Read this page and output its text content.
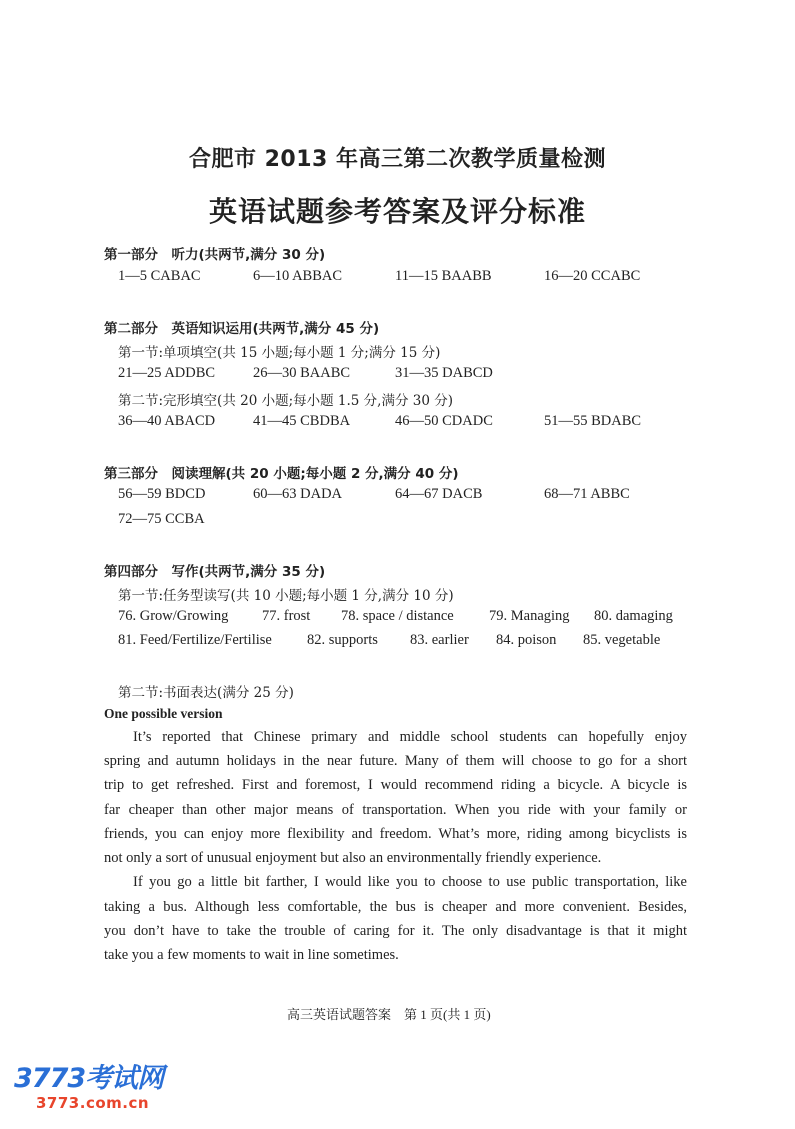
合肥市 2013 年高三第二次教学质量检测
英语试题参考答案及评分标准
第一部分　听力(共两节,满分 30 分)
1—5 CABAC	6—10 ABBAC	11—15 BAABB	16—20 CCABC
第二部分　英语知识运用(共两节,满分 45 分)
第一节:单项填空(共 15 小题;每小题 1 分;满分 15 分)
21—25 ADDBC	26—30 BAABC	31—35 DABCD
第二节:完形填空(共 20 小题;每小题 1.5 分,满分 30 分)
36—40 ABACD	41—45 CBDBA	46—50 CDADC	51—55 BDABC
第三部分　阅读理解(共 20 小题;每小题 2 分,满分 40 分)
56—59 BDCD	60—63 DADA	64—67 DACB	68—71 ABBC
72—75 CCBA
第四部分　写作(共两节,满分 35 分)
第一节:任务型读写(共 10 小题;每小题 1 分,满分 10 分)
76. Grow/Growing 77. frost 78. space / distance 79. Managing 80. damaging
81. Feed/Fertilize/Fertilise 82. supports 83. earlier 84. poison 85. vegetable
第二节:书面表达(满分 25 分)
One possible version
It’s reported that Chinese primary and middle school students can hopefully enjoy
spring and autumn holidays in the near future. Many of them will choose to go for a short
trip to get refreshed. First and foremost, I would recommend riding a bicycle. A bicycle is
far cheaper than other major means of transportation. When you ride with your family or
friends, you can enjoy more flexibility and freedom. What’s more, riding among bicyclists is
not only a sort of unusual enjoyment but also an environmentally friendly experience.
If you go a little bit farther, I would like you to choose to use public transportation, like
taking a bus. Although less comfortable, the bus is cheaper and more convenient. Besides,
you don’t have to take the trouble of caring for it. The only disadvantage is that it might
take you a few moments to wait in line sometimes.
高三英语试题答案　第 1 页(共 1 页)
3773考试网
3773.com.cn
